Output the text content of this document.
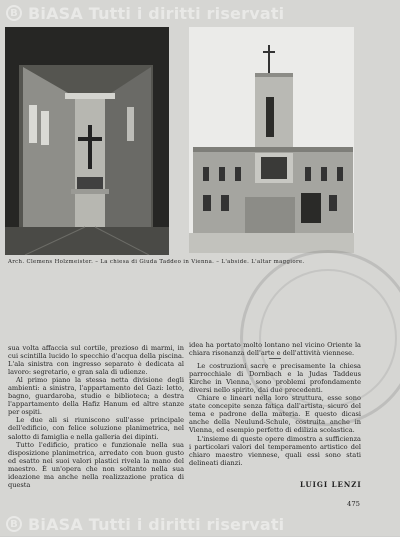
B BiASA Tutti i diritti riservati
Arch. Clemens Holzmeister. – La chiesa di Giuda Taddeo in Vienna. – L'abside. L'altar maggiore.

sua volta affaccia sul cortile, prezioso di marmi, in cui scintilla lucido lo specchio d'acqua della piscina. L'ala sinistra con ingresso separato è dedicata al lavoro: segretario, e gran sala di udienze.

Al primo piano la stessa netta divisione degli ambienti: a sinistra, l'appartamento del Gazi: letto, bagno, guardaroba, studio e biblioteca; a destra l'appartamento della Hafiz Hanum ed altre stanze per ospiti.

Le due ali si riuniscono sull'asse principale dell'edificio, con felice soluzione planimetrica, nel salotto di famiglia e nella galleria dei dipinti.

Tutto l'edificio, pratico e funzionale nella sua disposizione planimetrica, arredato con buon gusto ed esatto nei suoi valori plastici rivela la mano del maestro. È un'opera che non soltanto nella sua ideazione ma anche nella realizzazione pratica di questa

idea ha portato molto lontano nel vicino Oriente la chiara risonanza dell'arte e dell'attività viennese.

Le costruzioni sacre e precisamente la chiesa parrocchiale di Dornbach e la Judas Taddeus Kirche in Vienna, sono problemi profondamente diversi nello spirito, dai due precedenti.

Chiare e lineari nella loro struttura, esse sono state concepite senza fatica dall'artista, sicuro del tema e padrone della materia. E questo dicasi anche della Neulund-Schule, costruita anche in Vienna, ed esempio perfetto di edilizia scolastica.

L'insieme di queste opere dimostra a sufficienza i particolari valori del temperamento artistico del chiaro maestro viennese, quali essi sono stati delineati dianzi.

LUIGI LENZI
475
B BiASA Tutti i diritti riservati
